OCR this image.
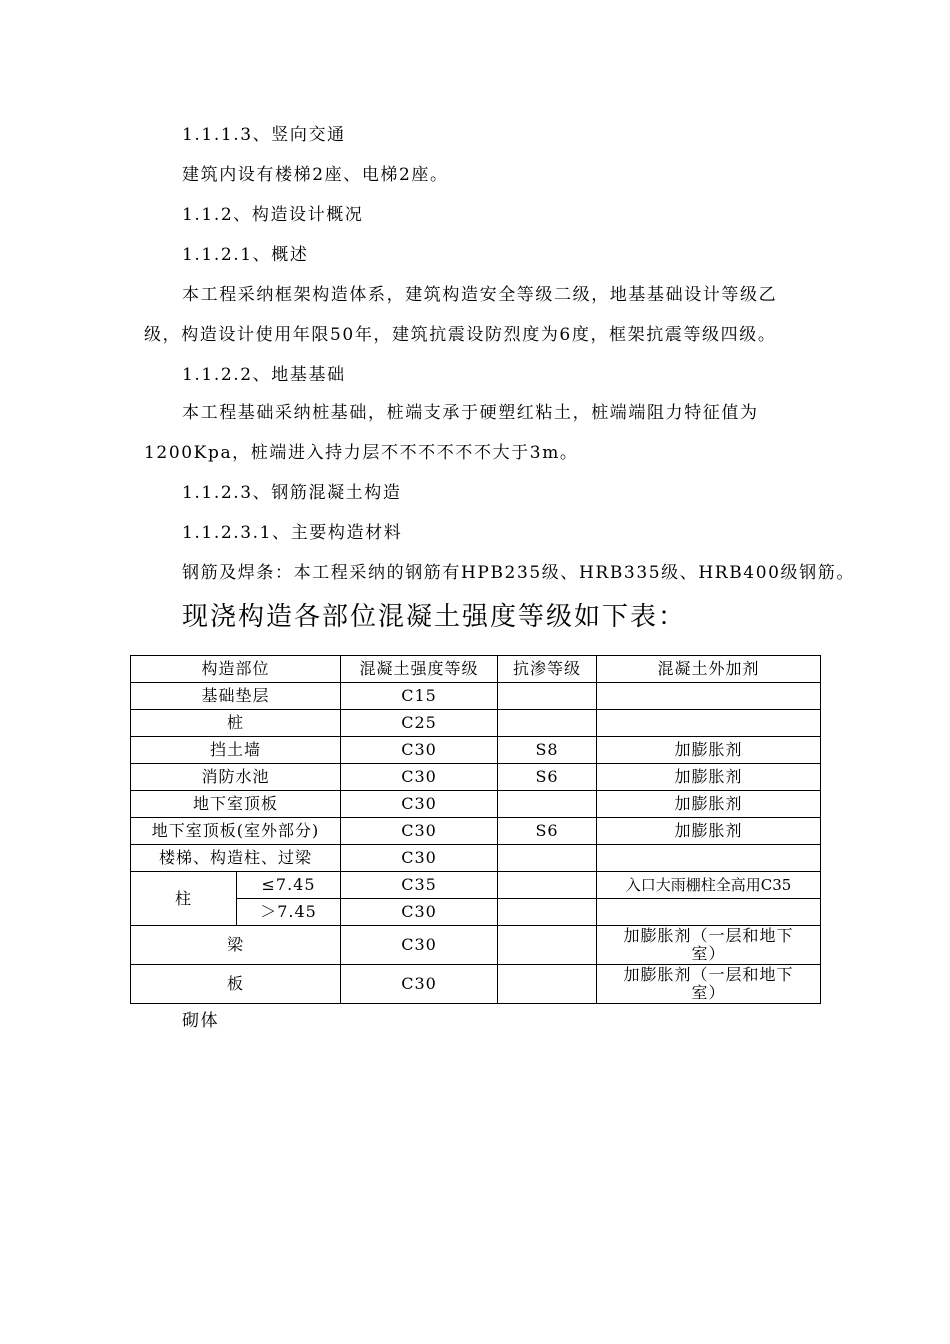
1.1.1.3、竖向交通
建筑内设有楼梯2座、电梯2座。
1.1.2、构造设计概况
1.1.2.1、概述
本工程采纳框架构造体系，建筑构造安全等级二级，地基基础设计等级乙
级，构造设计使用年限50年，建筑抗震设防烈度为6度，框架抗震等级四级。
1.1.2.2、地基基础
本工程基础采纳桩基础，桩端支承于硬塑红粘土，桩端端阻力特征值为
1200Kpa，桩端进入持力层不不不不不不大于3m。
1.1.2.3、钢筋混凝土构造
1.1.2.3.1、主要构造材料
钢筋及焊条：本工程采纳的钢筋有HPB235级、HRB335级、HRB400级钢筋。
现浇构造各部位混凝土强度等级如下表：
构造部位		混凝土强度等级	抗渗等级	混凝土外加剂
基础垫层		C15		
桩		C25		
挡土墙		C30	S8	加膨胀剂
消防水池		C30	S6	加膨胀剂
地下室顶板		C30		加膨胀剂
地下室顶板(室外部分)		C30	S6	加膨胀剂
楼梯、构造柱、过梁		C30		
柱	≤7.45	C35		入口大雨棚柱全高用C35
	＞7.45	C30		
梁		C30		加膨胀剂（一层和地下室）
板		C30		加膨胀剂（一层和地下室）
砌体
